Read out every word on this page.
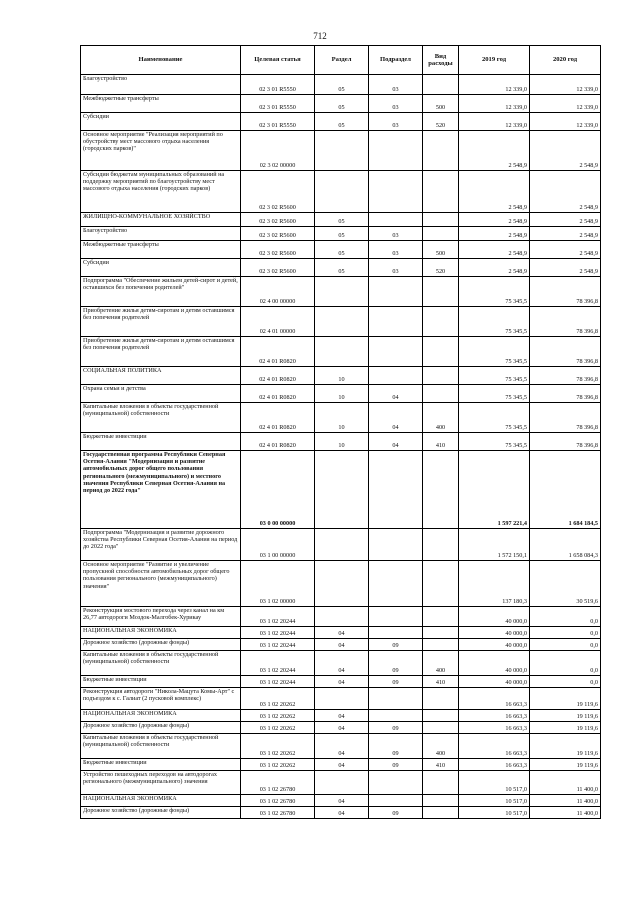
712
Наименование	Целевая статья	Раздел	Подраздел	Вид расходы	2019 год	2020 год
Благоустройство	02 3 01 R5550	05	03		12 339,0	12 339,0
Межбюджетные трансферты	02 3 01 R5550	05	03	500	12 339,0	12 339,0
Субсидии	02 3 01 R5550	05	03	520	12 339,0	12 339,0
Основное мероприятие "Реализация мероприятий по обустройству мест массового отдыха населения (городских парков)"	02 3 02 00000				2 548,9	2 548,9
Субсидии бюджетам муниципальных образований на поддержку мероприятий по благоустройству мест массового отдыха населения (городских парков)	02 3 02 R5600				2 548,9	2 548,9
ЖИЛИЩНО-КОММУНАЛЬНОЕ ХОЗЯЙСТВО	02 3 02 R5600	05			2 548,9	2 548,9
Благоустройство	02 3 02 R5600	05	03		2 548,9	2 548,9
Межбюджетные трансферты	02 3 02 R5600	05	03	500	2 548,9	2 548,9
Субсидии	02 3 02 R5600	05	03	520	2 548,9	2 548,9
Подпрограмма "Обеспечение жильем детей-сирот и детей, оставшихся без попечения родителей"	02 4 00 00000				75 345,5	78 396,8
Приобретение жилья детям-сиротам и детям оставшимся без попечения родителей	02 4 01 00000				75 345,5	78 396,8
Приобретение жилья детям-сиротам и детям оставшимся без попечения родителей	02 4 01 R0820				75 345,5	78 396,8
СОЦИАЛЬНАЯ ПОЛИТИКА	02 4 01 R0820	10			75 345,5	78 396,8
Охрана семьи и детства	02 4 01 R0820	10	04		75 345,5	78 396,8
Капитальные вложения в объекты государственной (муниципальной) собственности	02 4 01 R0820	10	04	400	75 345,5	78 396,8
Бюджетные инвестиции	02 4 01 R0820	10	04	410	75 345,5	78 396,8
Государственная программа Республики Северная Осетия-Алания "Модернизация и развитие автомобильных дорог общего пользования регионального (межмуниципального) и местного значения Республики Северная Осетия-Алания на период до 2022 года"	03 0 00 00000				1 597 221,4	1 684 184,5
Подпрограмма "Модернизация и развитие дорожного хозяйства Республики Северная Осетия-Алания на период до 2022 года"	03 1 00 00000				1 572 150,1	1 658 084,3
Основное мероприятие "Развитие и увеличение пропускной способности автомобильных дорог общего пользования регионального (межмуниципального) значения"	03 1 02 00000				137 180,3	30 519,6
Реконструкция мостового перехода через канал на км 26,77 автодороги Моздок-Малгобек-Хурикау	03 1 02 20244				40 000,0	0,0
НАЦИОНАЛЬНАЯ ЭКОНОМИКА	03 1 02 20244	04			40 000,0	0,0
Дорожное хозяйство (дорожные фонды)	03 1 02 20244	04	09		40 000,0	0,0
Капитальные вложения в объекты государственной (муниципальной) собственности	03 1 02 20244	04	09	400	40 000,0	0,0
Бюджетные инвестиции	03 1 02 20244	04	09	410	40 000,0	0,0
Реконструкция автодороги "Никола-Мацута Комы-Арт" с подъездом к с. Галиат (2 пусковой комплекс)	03 1 02 20262				16 663,3	19 119,6
НАЦИОНАЛЬНАЯ ЭКОНОМИКА	03 1 02 20262	04			16 663,3	19 119,6
Дорожное хозяйство (дорожные фонды)	03 1 02 20262	04	09		16 663,3	19 119,6
Капитальные вложения в объекты государственной (муниципальной) собственности	03 1 02 20262	04	09	400	16 663,3	19 119,6
Бюджетные инвестиции	03 1 02 20262	04	09	410	16 663,3	19 119,6
Устройство пешеходных переходов на автодорогах регионального (межмуниципального) значения	03 1 02 26780				10 517,0	11 400,0
НАЦИОНАЛЬНАЯ ЭКОНОМИКА	03 1 02 26780	04			10 517,0	11 400,0
Дорожное хозяйство (дорожные фонды)	03 1 02 26780	04	09		10 517,0	11 400,0
